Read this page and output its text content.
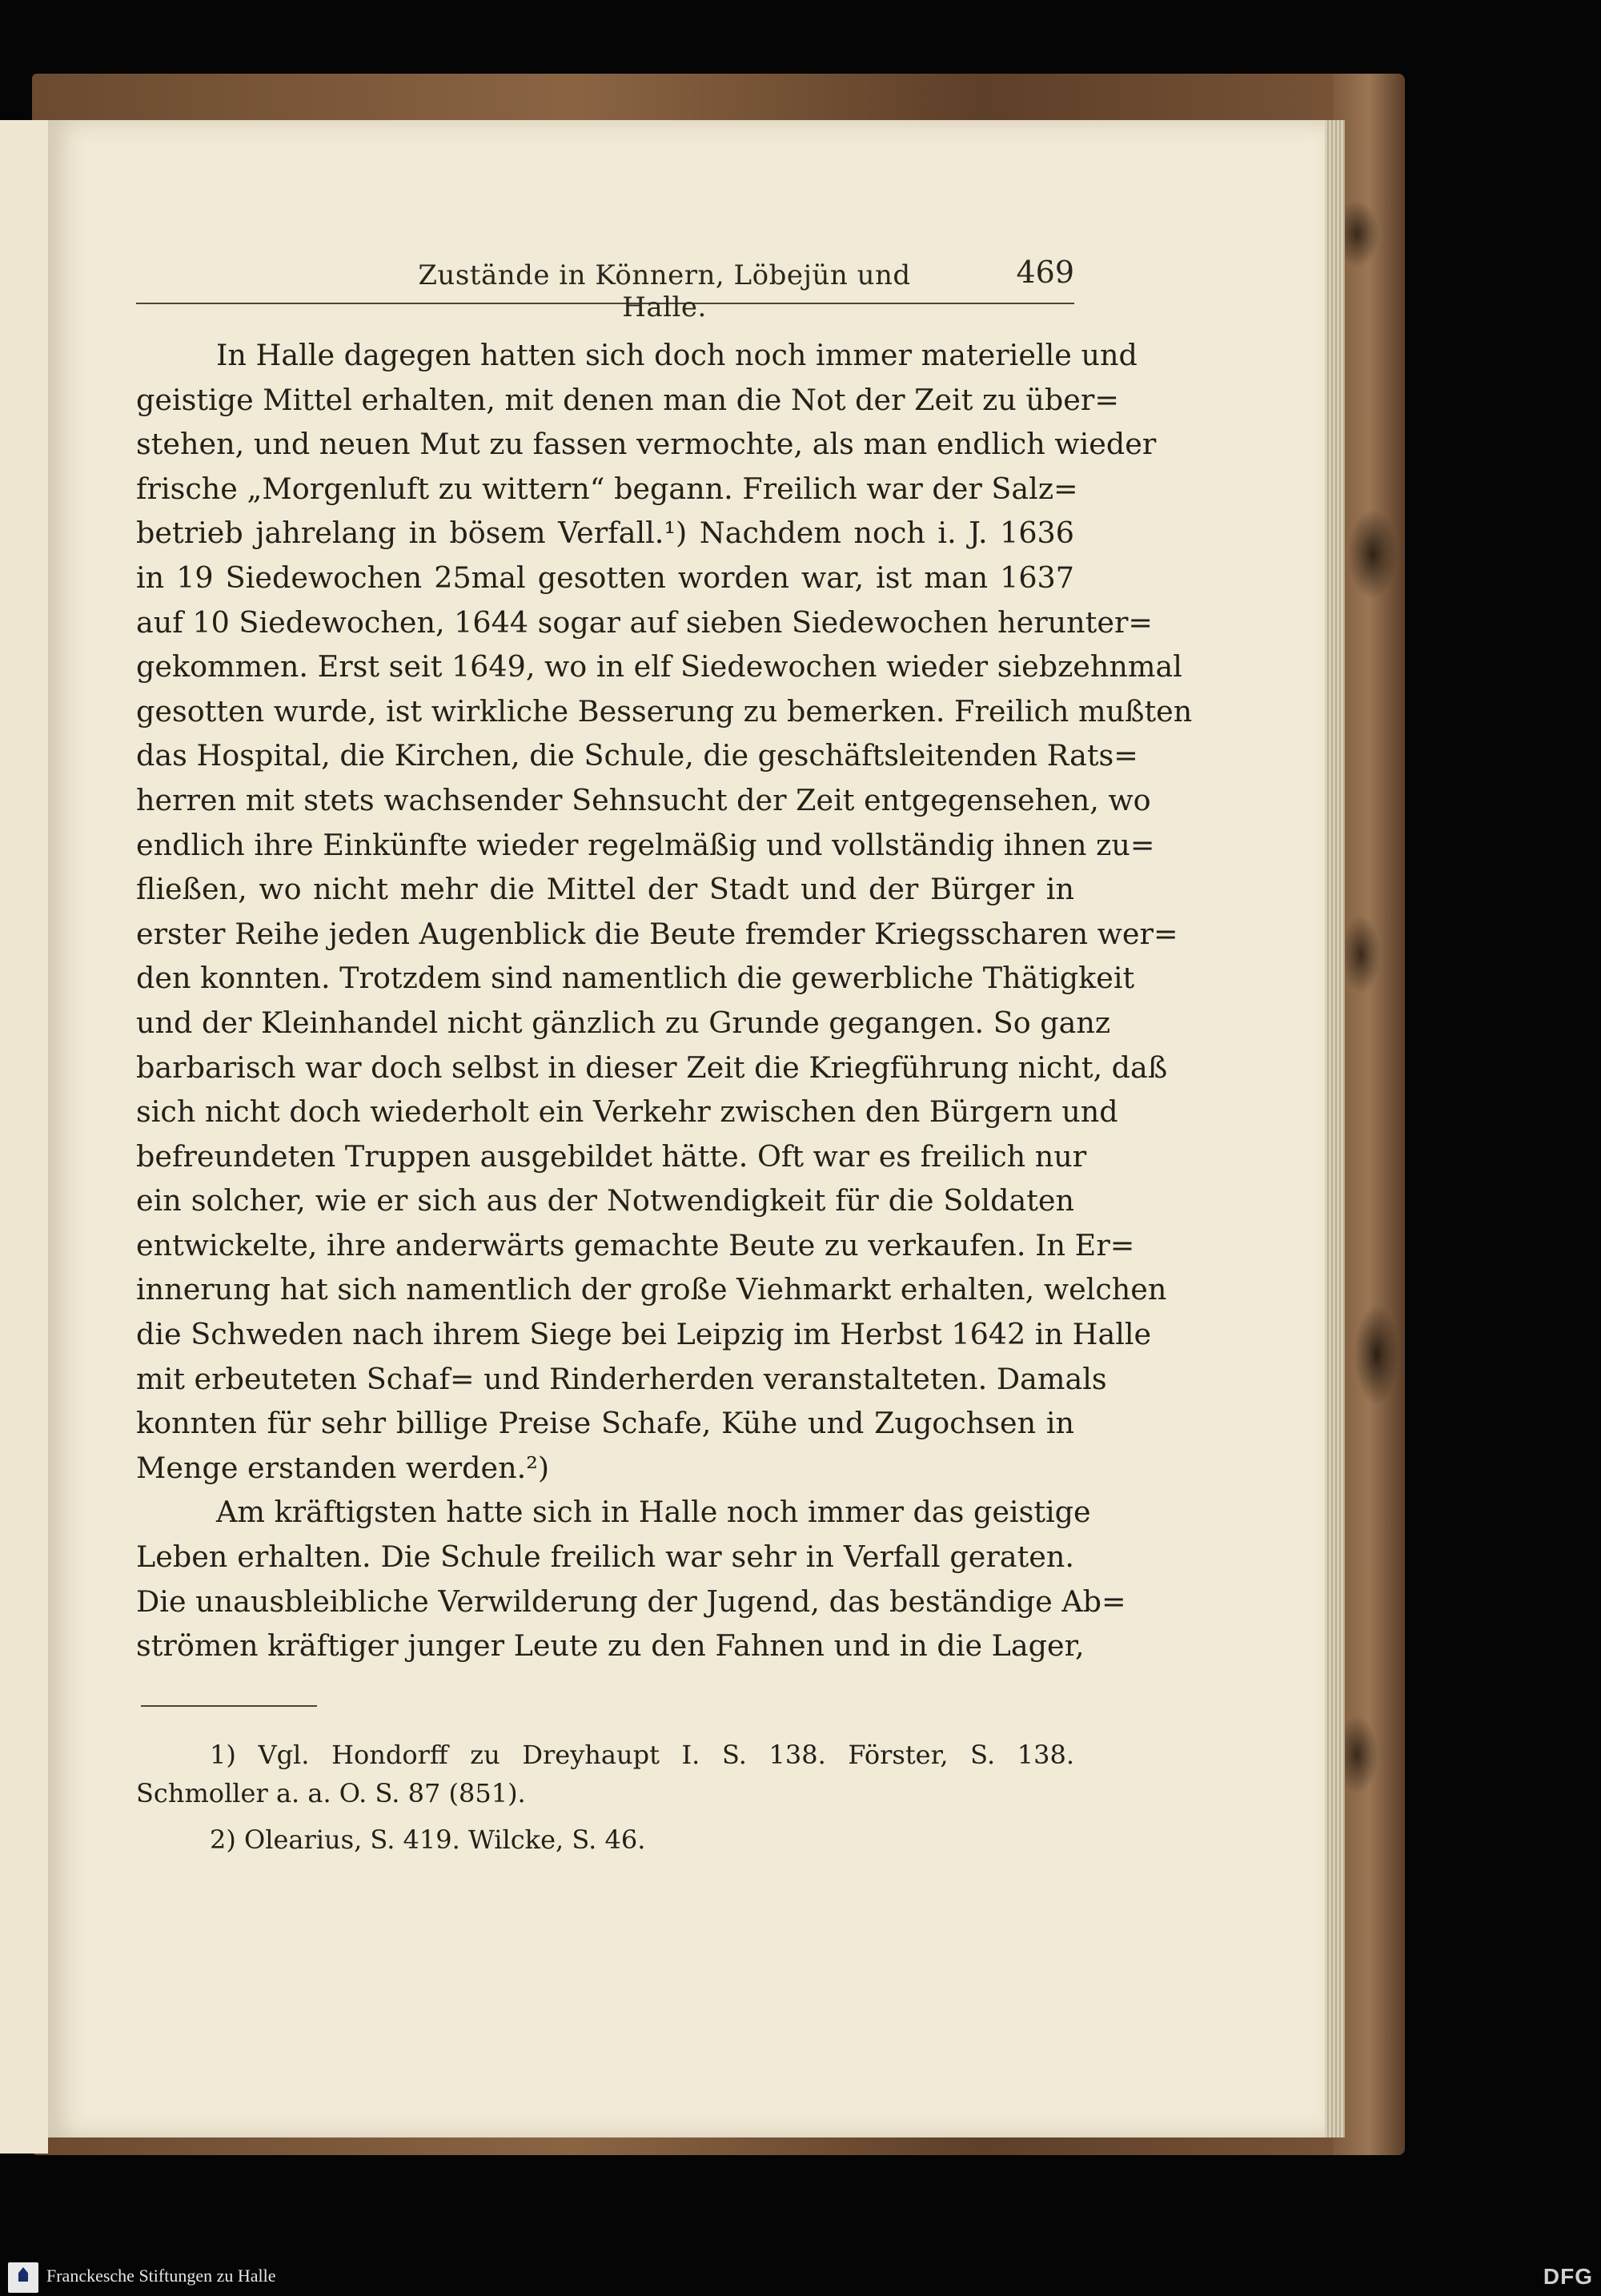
Zustände in Könnern, Löbejün und Halle.
469
In Halle dagegen hatten sich doch noch immer materielle und
geistige Mittel erhalten, mit denen man die Not der Zeit zu über=
stehen, und neuen Mut zu fassen vermochte, als man endlich wieder
frische „Morgenluft zu wittern“ begann. Freilich war der Salz=
betrieb jahrelang in bösem Verfall.¹) Nachdem noch i. J. 1636
in 19 Siedewochen 25mal gesotten worden war, ist man 1637
auf 10 Siedewochen, 1644 sogar auf sieben Siedewochen herunter=
gekommen. Erst seit 1649, wo in elf Siedewochen wieder siebzehnmal
gesotten wurde, ist wirkliche Besserung zu bemerken. Freilich mußten
das Hospital, die Kirchen, die Schule, die geschäftsleitenden Rats=
herren mit stets wachsender Sehnsucht der Zeit entgegensehen, wo
endlich ihre Einkünfte wieder regelmäßig und vollständig ihnen zu=
fließen, wo nicht mehr die Mittel der Stadt und der Bürger in
erster Reihe jeden Augenblick die Beute fremder Kriegsscharen wer=
den konnten. Trotzdem sind namentlich die gewerbliche Thätigkeit
und der Kleinhandel nicht gänzlich zu Grunde gegangen. So ganz
barbarisch war doch selbst in dieser Zeit die Kriegführung nicht, daß
sich nicht doch wiederholt ein Verkehr zwischen den Bürgern und
befreundeten Truppen ausgebildet hätte. Oft war es freilich nur
ein solcher, wie er sich aus der Notwendigkeit für die Soldaten
entwickelte, ihre anderwärts gemachte Beute zu verkaufen. In Er=
innerung hat sich namentlich der große Viehmarkt erhalten, welchen
die Schweden nach ihrem Siege bei Leipzig im Herbst 1642 in Halle
mit erbeuteten Schaf= und Rinderherden veranstalteten. Damals
konnten für sehr billige Preise Schafe, Kühe und Zugochsen in
Menge erstanden werden.²)
Am kräftigsten hatte sich in Halle noch immer das geistige
Leben erhalten. Die Schule freilich war sehr in Verfall geraten.
Die unausbleibliche Verwilderung der Jugend, das beständige Ab=
strömen kräftiger junger Leute zu den Fahnen und in die Lager,
1) Vgl. Hondorff zu Dreyhaupt I. S. 138. Förster, S. 138.
Schmoller a. a. O. S. 87 (851).
2) Olearius, S. 419. Wilcke, S. 46.
Franckesche Stiftungen zu Halle	DFG
